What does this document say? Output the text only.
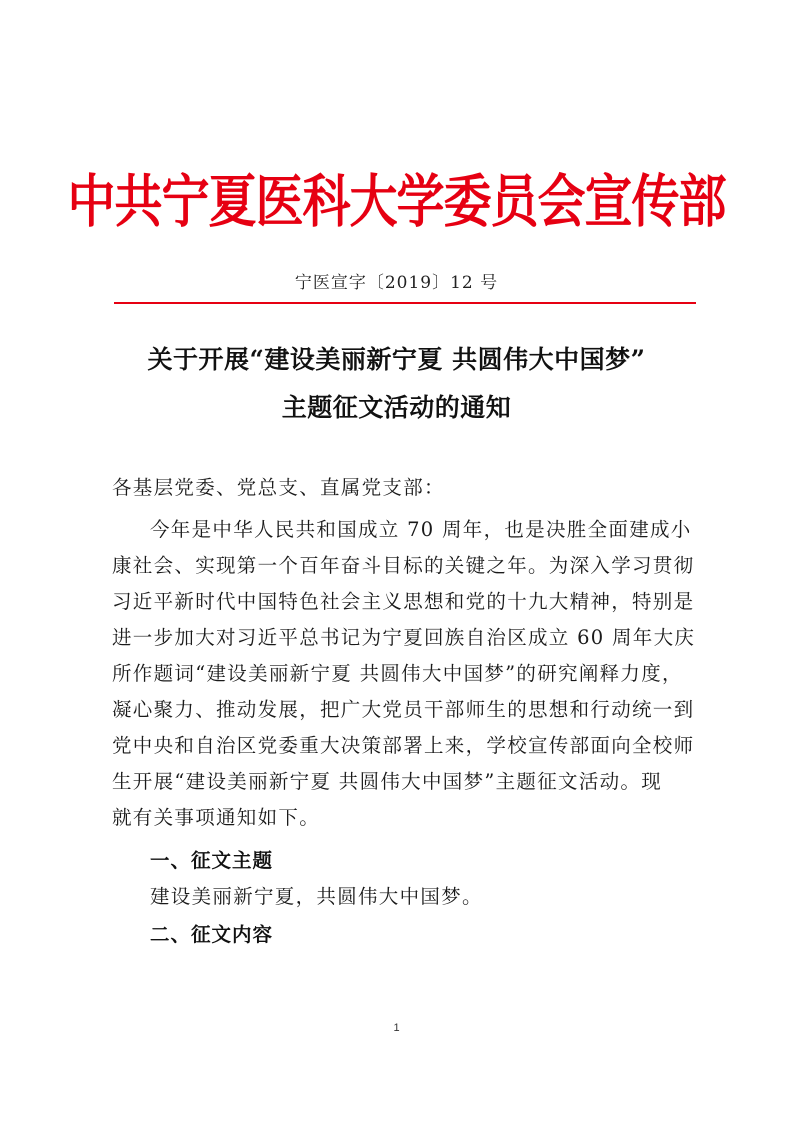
中共宁夏医科大学委员会宣传部
宁医宣字〔2019〕12 号
关于开展“建设美丽新宁夏 共圆伟大中国梦”
主题征文活动的通知
各基层党委、党总支、直属党支部：
今年是中华人民共和国成立 70 周年，也是决胜全面建成小
康社会、实现第一个百年奋斗目标的关键之年。为深入学习贯彻
习近平新时代中国特色社会主义思想和党的十九大精神，特别是
进一步加大对习近平总书记为宁夏回族自治区成立 60 周年大庆
所作题词“建设美丽新宁夏 共圆伟大中国梦”的研究阐释力度，
凝心聚力、推动发展，把广大党员干部师生的思想和行动统一到
党中央和自治区党委重大决策部署上来，学校宣传部面向全校师
生开展“建设美丽新宁夏 共圆伟大中国梦”主题征文活动。现
就有关事项通知如下。
一、征文主题
建设美丽新宁夏，共圆伟大中国梦。
二、征文内容
1
